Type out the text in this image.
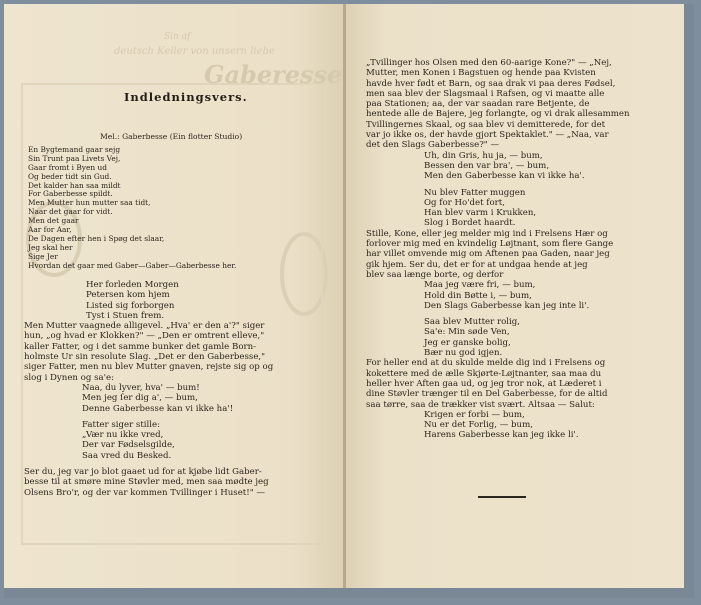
Sin af
deutsch Keller von unsern liebe
Gaberesse
Indledningsvers.
Mel.: Gaberbesse (Ein flotter Studio)
En Bygtemand gaar sejg
Sin Trunt paa Livets Vej,
Gaar fromt i Byen ud
Og beder tidt sin Gud.
Det kalder han saa mildt
For Gaberbesse spildt.
Men Mutter hun mutter saa tidt,
Naar det gaar for vidt.
Men det gaar
Aar for Aar,
De Dagen efter hen i Spøg det slaar,
Jeg skal her
Sige Jer
Hvordan det gaar med Gaber—Gaber—Gaberbesse her.
Her forleden Morgen
Petersen kom hjem
Listed sig forborgen
Tyst i Stuen frem.
Men Mutter vaagnede alligevel. „Hva' er den a'?" siger
hun, „og hvad er Klokken?" — „Den er omtrent elleve,"
kaller Fatter, og i det samme bunker det gamle Born-
holmste Ur sin resolute Slag. „Det er den Gaberbesse,"
siger Fatter, men nu blev Mutter gnaven, rejste sig op og
slog i Dynen og sa'e:
Naa, du lyver, hva' — bum!
Men jeg ſer dig a', — bum,
Denne Gaberbesse kan vi ikke ha'!
Fatter siger stille:
„Vær nu ikke vred,
Der var Fødselsgilde,
Saa vred du Besked.
Ser du, jeg var jo blot gaaet ud for at kjøbe lidt Gaber-
besse til at smøre mine Støvler med, men saa mødte jeg
Olsens Bro'r, og der var kommen Tvillinger i Huset!" —
„Tvillinger hos Olsen med den 60-aarige Kone?" — „Nej,
Mutter, men Konen i Bagstuen og hende paa Kvisten
havde hver født et Barn, og saa drak vi paa deres Fødsel,
men saa blev der Slagsmaal i Rafsen, og vi maatte alle
paa Stationen; aa, der var saadan rare Betjente, de
hentede alle de Bajere, jeg forlangte, og vi drak allesammen
Tvillingernes Skaal, og saa blev vi demitterede, for det
var jo ikke os, der havde gjort Spektaklet." — „Naa, var
det den Slags Gaberbesse?" —
Uh, din Gris, hu ja, — bum,
Bessen den var bra', — bum,
Men den Gaberbesse kan vi ikke ha'.
Nu blev Fatter muggen
Og for Ho'det fort,
Han blev varm i Krukken,
Slog i Bordet haardt.
Stille, Kone, eller jeg melder mig ind i Frelsens Hær og
forlover mig med en kvindelig Løjtnant, som flere Gange
har villet omvende mig om Aftenen paa Gaden, naar jeg
gik hjem. Ser du, det er for at undgaa hende at jeg
blev saa længe borte, og derfor
Maa jeg være fri, — bum,
Hold din Bøtte i, — bum,
Den Slags Gaberbesse kan jeg inte li'.
Saa blev Mutter rolig,
Sa'e: Min søde Ven,
Jeg er ganske bolig,
Bær nu god igjen.
For heller end at du skulde melde dig ind i Frelsens og
kokettere med de ælle Skjørte-Løjtnanter, saa maa du
heller hver Aften gaa ud, og jeg tror nok, at Læderet i
dine Støvler trænger til en Del Gaberbesse, for de altid
saa tørre, saa de trækker vist svært. Altsaa — Salut:
Krigen er forbi — bum,
Nu er det Forlig, — bum,
Harens Gaberbesse kan jeg ikke li'.
